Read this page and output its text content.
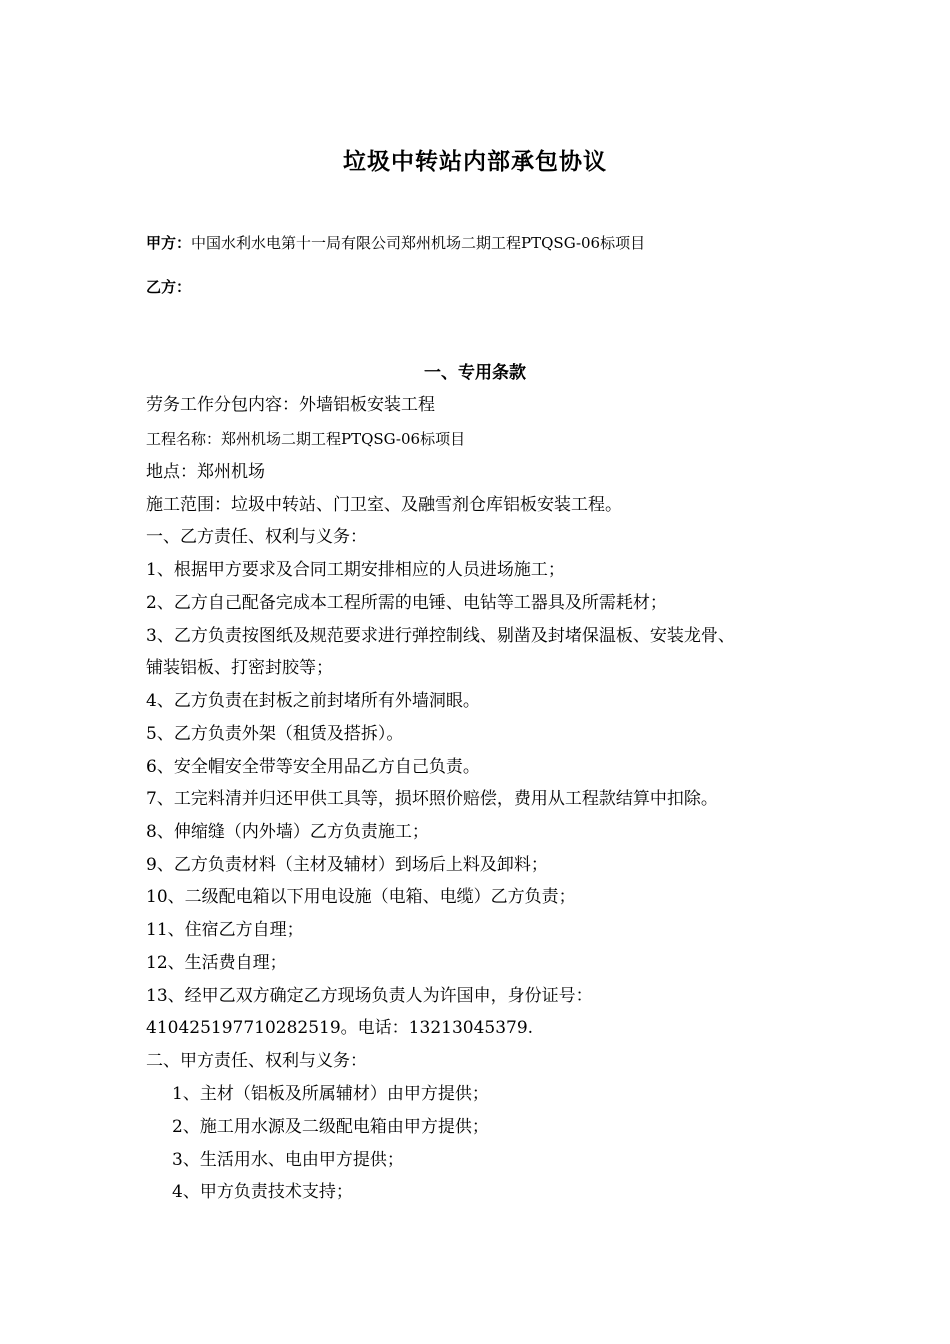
垃圾中转站内部承包协议
甲方：中国水利水电第十一局有限公司郑州机场二期工程PTQSG-06标项目
乙方：
一、专用条款
劳务工作分包内容：外墙铝板安装工程
工程名称：郑州机场二期工程PTQSG-06标项目
地点：郑州机场
施工范围：垃圾中转站、门卫室、及融雪剂仓库铝板安装工程。
一、乙方责任、权利与义务：
1、根据甲方要求及合同工期安排相应的人员进场施工；
2、乙方自己配备完成本工程所需的电锤、电钻等工器具及所需耗材；
3、乙方负责按图纸及规范要求进行弹控制线、剔凿及封堵保温板、安装龙骨、
铺装铝板、打密封胶等；
4、乙方负责在封板之前封堵所有外墙洞眼。
5、乙方负责外架（租赁及搭拆）。
6、安全帽安全带等安全用品乙方自己负责。
7、工完料清并归还甲供工具等，损坏照价赔偿，费用从工程款结算中扣除。
8、伸缩缝（内外墙）乙方负责施工；
9、乙方负责材料（主材及辅材）到场后上料及卸料；
10、二级配电箱以下用电设施（电箱、电缆）乙方负责；
11、住宿乙方自理；
12、生活费自理；
13、经甲乙双方确定乙方现场负责人为许国申，身份证号：
410425197710282519。电话：13213045379.
二、甲方责任、权利与义务：
1、主材（铝板及所属辅材）由甲方提供；
2、施工用水源及二级配电箱由甲方提供；
3、生活用水、电由甲方提供；
4、甲方负责技术支持；
